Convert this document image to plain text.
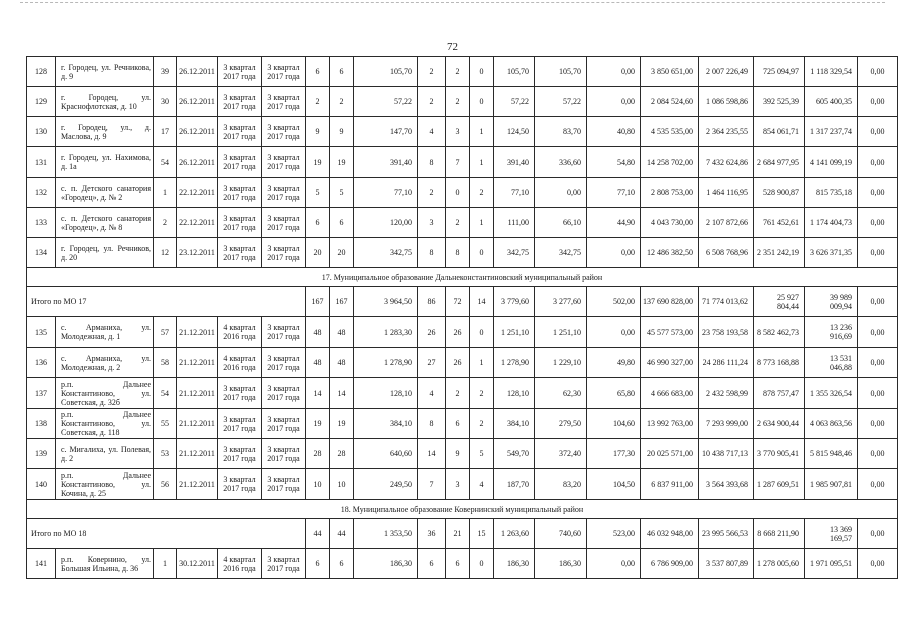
72
128	г. Городец, ул. Речникова, д. 9	39	26.12.2011	3 квартал 2017 года	3 квартал 2017 года	6	6	105,70	2	2	0	105,70	105,70	0,00	3 850 651,00	2 007 226,49	725 094,97	1 118 329,54	0,00
129	г. Городец, ул. Краснофлотская, д. 10	30	26.12.2011	3 квартал 2017 года	3 квартал 2017 года	2	2	57,22	2	2	0	57,22	57,22	0,00	2 084 524,60	1 086 598,86	392 525,39	605 400,35	0,00
130	г. Городец, ул., д. Маслова, д. 9	17	26.12.2011	3 квартал 2017 года	3 квартал 2017 года	9	9	147,70	4	3	1	124,50	83,70	40,80	4 535 535,00	2 364 235,55	854 061,71	1 317 237,74	0,00
131	г. Городец, ул. Нахимова, д. 1а	54	26.12.2011	3 квартал 2017 года	3 квартал 2017 года	19	19	391,40	8	7	1	391,40	336,60	54,80	14 258 702,00	7 432 624,86	2 684 977,95	4 141 099,19	0,00
132	с. п. Детского санатория «Городец», д. № 2	1	22.12.2011	3 квартал 2017 года	3 квартал 2017 года	5	5	77,10	2	0	2	77,10	0,00	77,10	2 808 753,00	1 464 116,95	528 900,87	815 735,18	0,00
133	с. п. Детского санатория «Городец», д. № 8	2	22.12.2011	3 квартал 2017 года	3 квартал 2017 года	6	6	120,00	3	2	1	111,00	66,10	44,90	4 043 730,00	2 107 872,66	761 452,61	1 174 404,73	0,00
134	г. Городец, ул. Речников, д. 20	12	23.12.2011	3 квартал 2017 года	3 квартал 2017 года	20	20	342,75	8	8	0	342,75	342,75	0,00	12 486 382,50	6 508 768,96	2 351 242,19	3 626 371,35	0,00
17. Муниципальное образование Дальнеконстантиновский муниципальный район																			
Итого по МО 17						167	167	3 964,50	86	72	14	3 779,60	3 277,60	502,00	137 690 828,00	71 774 013,62	25 927 804,44	39 989 009,94	0,00
135	с. Арманиха, ул. Молодежная, д. 1	57	21.12.2011	4 квартал 2016 года	3 квартал 2017 года	48	48	1 283,30	26	26	0	1 251,10	1 251,10	0,00	45 577 573,00	23 758 193,58	8 582 462,73	13 236 916,69	0,00
136	с. Арманиха, ул. Молодежная, д. 2	58	21.12.2011	4 квартал 2016 года	3 квартал 2017 года	48	48	1 278,90	27	26	1	1 278,90	1 229,10	49,80	46 990 327,00	24 286 111,24	8 773 168,88	13 531 046,88	0,00
137	р.п. Дальнее Константиново, ул. Советская, д. 32б	54	21.12.2011	3 квартал 2017 года	3 квартал 2017 года	14	14	128,10	4	2	2	128,10	62,30	65,80	4 666 683,00	2 432 598,99	878 757,47	1 355 326,54	0,00
138	р.п. Дальнее Константиново, ул. Советская, д. 118	55	21.12.2011	3 квартал 2017 года	3 квартал 2017 года	19	19	384,10	8	6	2	384,10	279,50	104,60	13 992 763,00	7 293 999,00	2 634 900,44	4 063 863,56	0,00
139	с. Мигалиха, ул. Полевая, д. 2	53	21.12.2011	3 квартал 2017 года	3 квартал 2017 года	28	28	640,60	14	9	5	549,70	372,40	177,30	20 025 571,00	10 438 717,13	3 770 905,41	5 815 948,46	0,00
140	р.п. Дальнее Константиново, ул. Кочина, д. 25	56	21.12.2011	3 квартал 2017 года	3 квартал 2017 года	10	10	249,50	7	3	4	187,70	83,20	104,50	6 837 911,00	3 564 393,68	1 287 609,51	1 985 907,81	0,00
18. Муниципальное образование Ковернинский муниципальный район																			
Итого по МО 18						44	44	1 353,50	36	21	15	1 263,60	740,60	523,00	46 032 948,00	23 995 566,53	8 668 211,90	13 369 169,57	0,00
141	р.п. Ковернино, ул. Большая Ильина, д. 36	1	30.12.2011	4 квартал 2016 года	3 квартал 2017 года	6	6	186,30	6	6	0	186,30	186,30	0,00	6 786 909,00	3 537 807,89	1 278 005,60	1 971 095,51	0,00
